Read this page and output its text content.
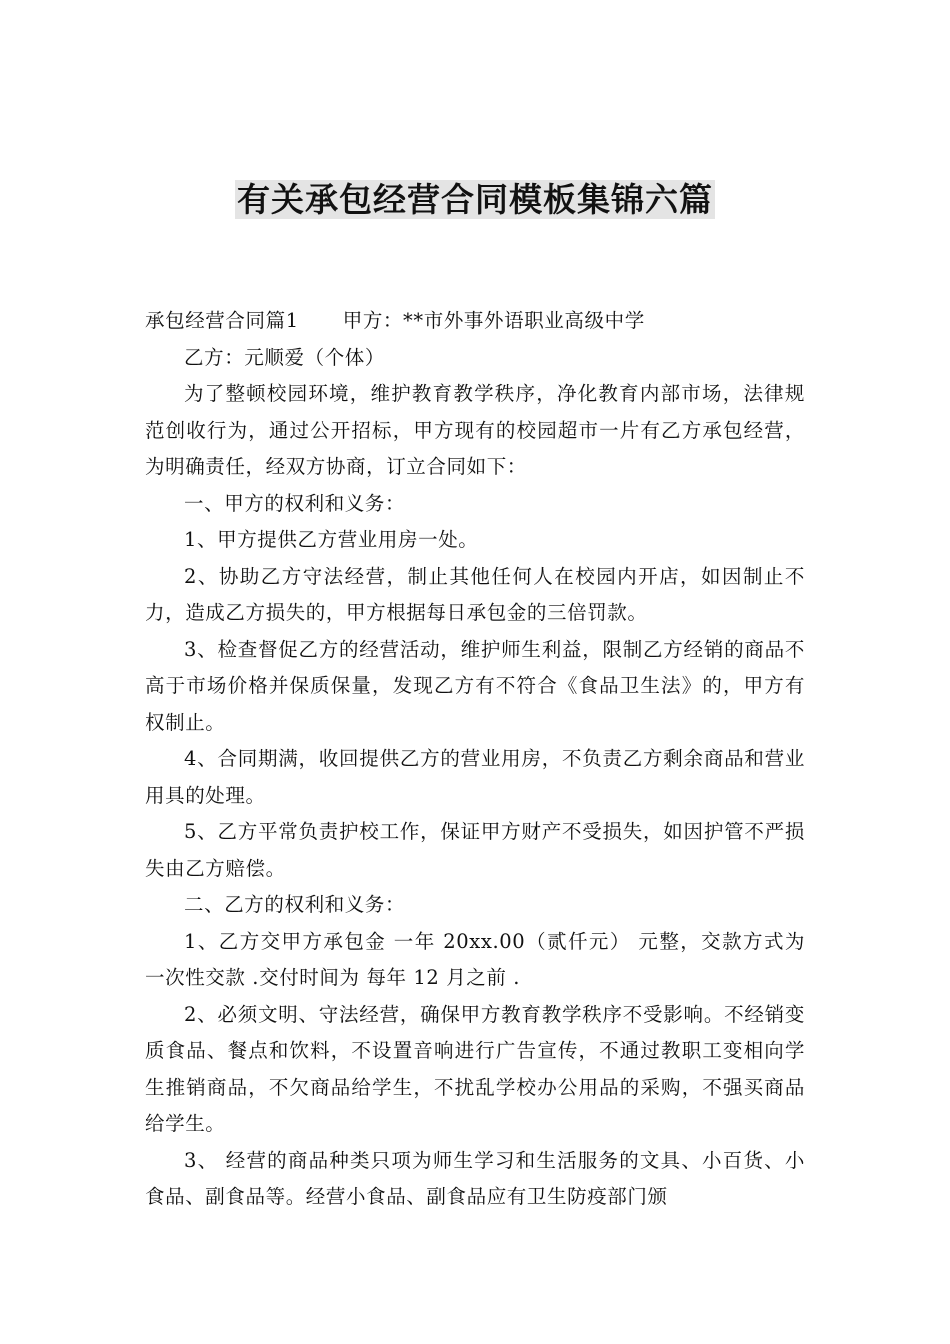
有关承包经营合同模板集锦六篇

承包经营合同篇1 甲方：**市外事外语职业高级中学

乙方：元顺爱（个体）

为了整顿校园环境，维护教育教学秩序，净化教育内部市场，法律规范创收行为，通过公开招标，甲方现有的校园超市一片有乙方承包经营，为明确责任，经双方协商，订立合同如下：

一、甲方的权利和义务：

1、甲方提供乙方营业用房一处。

2、协助乙方守法经营，制止其他任何人在校园内开店，如因制止不力，造成乙方损失的，甲方根据每日承包金的三倍罚款。

3、检查督促乙方的经营活动，维护师生利益，限制乙方经销的商品不高于市场价格并保质保量，发现乙方有不符合《食品卫生法》的，甲方有权制止。

4、合同期满，收回提供乙方的营业用房，不负责乙方剩余商品和营业用具的处理。

5、乙方平常负责护校工作，保证甲方财产不受损失，如因护管不严损失由乙方赔偿。

二、乙方的权利和义务：

1、乙方交甲方承包金 一年 20xx.00（贰仟元） 元整，交款方式为 一次性交款 .交付时间为 每年 12 月之前 .

2、必须文明、守法经营，确保甲方教育教学秩序不受影响。不经销变质食品、餐点和饮料，不设置音响进行广告宣传，不通过教职工变相向学生推销商品，不欠商品给学生，不扰乱学校办公用品的采购，不强买商品给学生。

3、 经营的商品种类只项为师生学习和生活服务的文具、小百货、小食品、副食品等。经营小食品、副食品应有卫生防疫部门颁
